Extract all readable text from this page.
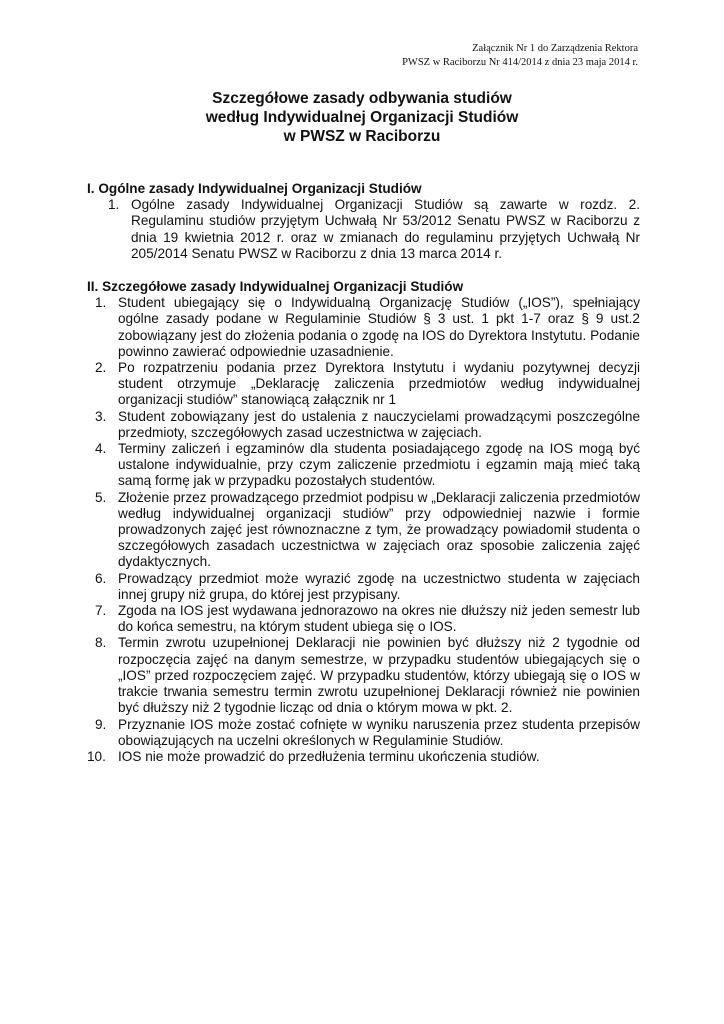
Załącznik Nr 1 do Zarządzenia Rektora
PWSZ w Raciborzu Nr 414/2014 z dnia 23 maja 2014 r.
Szczegółowe zasady odbywania studiów
według Indywidualnej Organizacji Studiów
w PWSZ w Raciborzu

I. Ogólne zasady Indywidualnej Organizacji Studiów

1. Ogólne zasady Indywidualnej Organizacji Studiów są zawarte w rozdz. 2. Regulaminu studiów przyjętym Uchwałą Nr 53/2012 Senatu PWSZ w Raciborzu z dnia 19 kwietnia 2012 r. oraz w zmianach do regulaminu przyjętych Uchwałą Nr 205/2014 Senatu PWSZ w Raciborzu z dnia 13 marca 2014 r.

II. Szczegółowe zasady Indywidualnej Organizacji Studiów

1. Student ubiegający się o Indywidualną Organizację Studiów („IOS”), spełniający ogólne zasady podane w Regulaminie Studiów § 3 ust. 1 pkt 1-7 oraz § 9 ust.2 zobowiązany jest do złożenia podania o zgodę na IOS do Dyrektora Instytutu. Podanie powinno zawierać odpowiednie uzasadnienie.
2. Po rozpatrzeniu podania przez Dyrektora Instytutu i wydaniu pozytywnej decyzji student otrzymuje „Deklarację zaliczenia przedmiotów według indywidualnej organizacji studiów” stanowiącą załącznik nr 1
3. Student zobowiązany jest do ustalenia z nauczycielami prowadzącymi poszczególne przedmioty, szczegółowych zasad uczestnictwa w zajęciach.
4. Terminy zaliczeń i egzaminów dla studenta posiadającego zgodę na IOS mogą być ustalone indywidualnie, przy czym zaliczenie przedmiotu i egzamin mają mieć taką samą formę jak w przypadku pozostałych studentów.
5. Złożenie przez prowadzącego przedmiot podpisu w „Deklaracji zaliczenia przedmiotów według indywidualnej organizacji studiów” przy odpowiedniej nazwie i formie prowadzonych zajęć jest równoznaczne z tym, że prowadzący powiadomił studenta o szczegółowych zasadach uczestnictwa w zajęciach oraz sposobie zaliczenia zajęć dydaktycznych.
6. Prowadzący przedmiot może wyrazić zgodę na uczestnictwo studenta w zajęciach innej grupy niż grupa, do której jest przypisany.
7. Zgoda na IOS jest wydawana jednorazowo na okres nie dłuższy niż jeden semestr lub do końca semestru, na którym student ubiega się o IOS.
8. Termin zwrotu uzupełnionej Deklaracji nie powinien być dłuższy niż 2 tygodnie od rozpoczęcia zajęć na danym semestrze, w przypadku studentów ubiegających się o „IOS” przed rozpoczęciem zajęć. W przypadku studentów, którzy ubiegają się o IOS w trakcie trwania semestru termin zwrotu uzupełnionej Deklaracji również nie powinien być dłuższy niż 2 tygodnie licząc od dnia o którym mowa w pkt. 2.
9. Przyznanie IOS może zostać cofnięte w wyniku naruszenia przez studenta przepisów obowiązujących na uczelni określonych w Regulaminie Studiów.
10. IOS nie może prowadzić do przedłużenia terminu ukończenia studiów.
